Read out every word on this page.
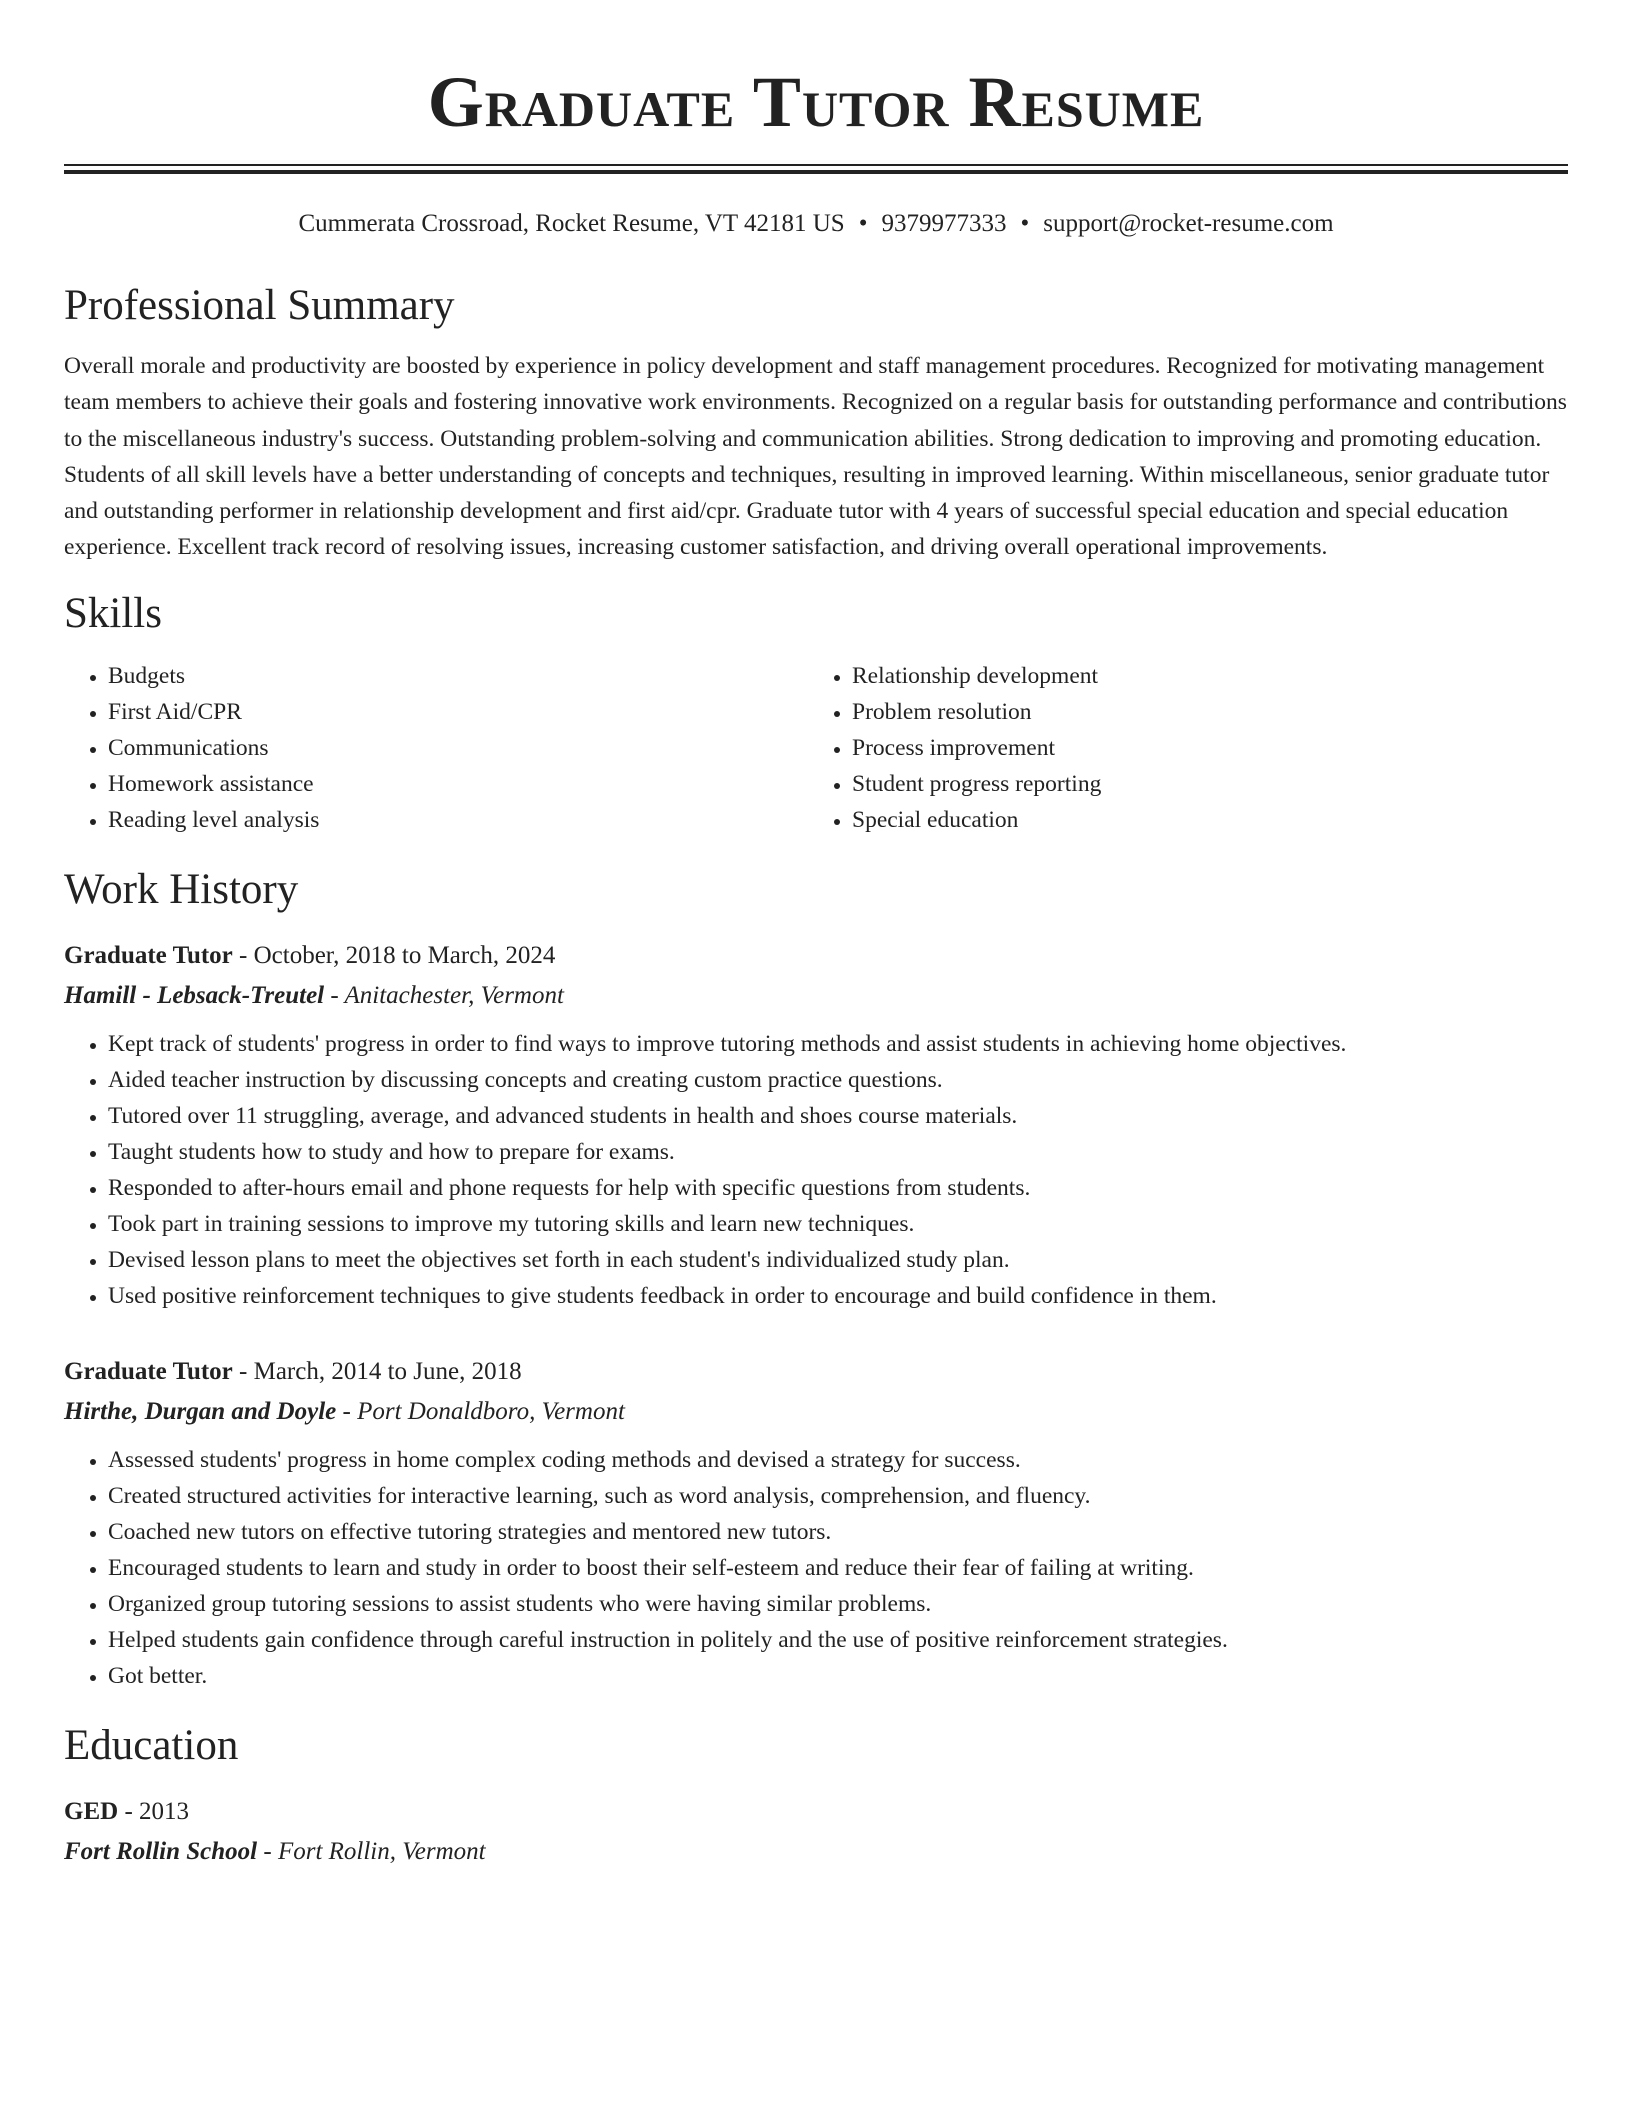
Graduate Tutor Resume
Cummerata Crossroad, Rocket Resume, VT 42181 US • 9379977333 • support@rocket-resume.com
Professional Summary

Overall morale and productivity are boosted by experience in policy development and staff management procedures. Recognized for motivating management team members to achieve their goals and fostering innovative work environments. Recognized on a regular basis for outstanding performance and contributions to the miscellaneous industry's success. Outstanding problem-solving and communication abilities. Strong dedication to improving and promoting education. Students of all skill levels have a better understanding of concepts and techniques, resulting in improved learning. Within miscellaneous, senior graduate tutor and outstanding performer in relationship development and first aid/cpr. Graduate tutor with 4 years of successful special education and special education experience. Excellent track record of resolving issues, increasing customer satisfaction, and driving overall operational improvements.

Skills
• Budgets
• First Aid/CPR
• Communications
• Homework assistance
• Reading level analysis
• Relationship development
• Problem resolution
• Process improvement
• Student progress reporting
• Special education
Work History
Graduate Tutor - October, 2018 to March, 2024
Hamill - Lebsack-Treutel - Anitachester, Vermont
• Kept track of students' progress in order to find ways to improve tutoring methods and assist students in achieving home objectives.
• Aided teacher instruction by discussing concepts and creating custom practice questions.
• Tutored over 11 struggling, average, and advanced students in health and shoes course materials.
• Taught students how to study and how to prepare for exams.
• Responded to after-hours email and phone requests for help with specific questions from students.
• Took part in training sessions to improve my tutoring skills and learn new techniques.
• Devised lesson plans to meet the objectives set forth in each student's individualized study plan.
• Used positive reinforcement techniques to give students feedback in order to encourage and build confidence in them.
Graduate Tutor - March, 2014 to June, 2018
Hirthe, Durgan and Doyle - Port Donaldboro, Vermont
• Assessed students' progress in home complex coding methods and devised a strategy for success.
• Created structured activities for interactive learning, such as word analysis, comprehension, and fluency.
• Coached new tutors on effective tutoring strategies and mentored new tutors.
• Encouraged students to learn and study in order to boost their self-esteem and reduce their fear of failing at writing.
• Organized group tutoring sessions to assist students who were having similar problems.
• Helped students gain confidence through careful instruction in politely and the use of positive reinforcement strategies.
• Got better.
Education
GED - 2013
Fort Rollin School - Fort Rollin, Vermont
